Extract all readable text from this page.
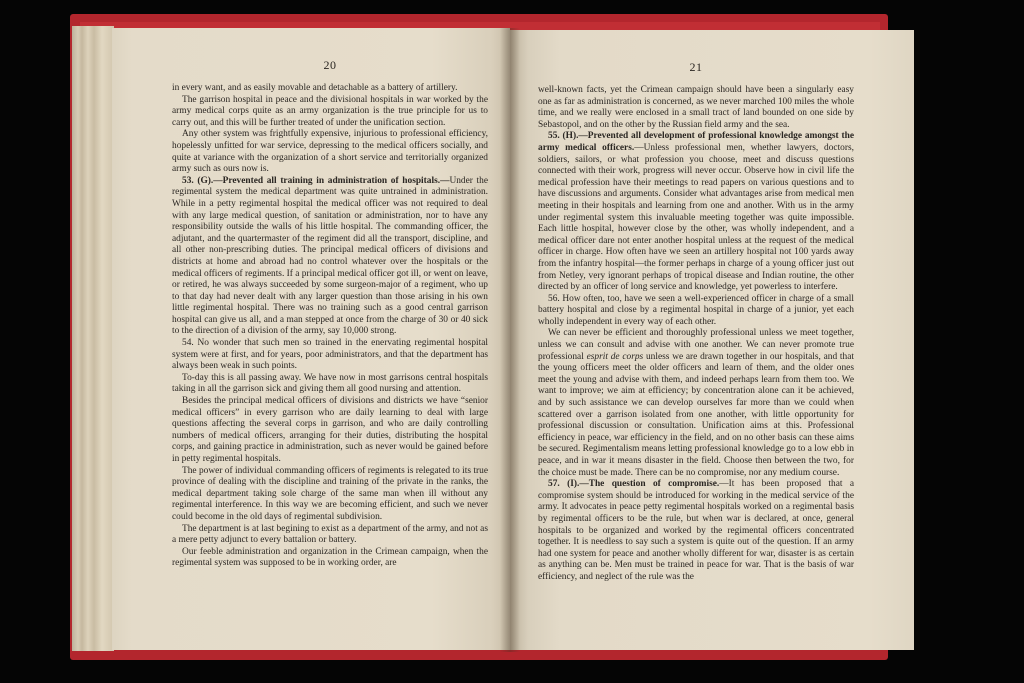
20

in every want, and as easily movable and detachable as a battery of artillery.

The garrison hospital in peace and the divisional hospitals in war worked by the army medical corps quite as an army organization is the true principle for us to carry out, and this will be further treated of under the unification section.

Any other system was frightfully expensive, injurious to professional efficiency, hopelessly unfitted for war service, depressing to the medical officers socially, and quite at variance with the organization of a short service and territorially organized army such as ours now is.

53. (G).—Prevented all training in administration of hospitals.—Under the regimental system the medical department was quite untrained in administration. While in a petty regimental hospital the medical officer was not required to deal with any large medical question, of sanitation or administration, nor to have any responsibility outside the walls of his little hospital. The commanding officer, the adjutant, and the quartermaster of the regiment did all the transport, discipline, and all other non-prescribing duties. The principal medical officers of divisions and districts at home and abroad had no control whatever over the hospitals or the medical officers of regiments. If a principal medical officer got ill, or went on leave, or retired, he was always succeeded by some surgeon-major of a regiment, who up to that day had never dealt with any larger question than those arising in his own little regimental hospital. There was no training such as a good central garrison hospital can give us all, and a man stepped at once from the charge of 30 or 40 sick to the direction of a division of the army, say 10,000 strong.

54. No wonder that such men so trained in the enervating regimental hospital system were at first, and for years, poor administrators, and that the department has always been weak in such points.

To-day this is all passing away. We have now in most garrisons central hospitals taking in all the garrison sick and giving them all good nursing and attention.

Besides the principal medical officers of divisions and districts we have “senior medical officers” in every garrison who are daily learning to deal with large questions affecting the several corps in garrison, and who are daily controlling numbers of medical officers, arranging for their duties, distributing the hospital corps, and gaining practice in administration, such as never would be gained before in petty regimental hospitals.

The power of individual commanding officers of regiments is relegated to its true province of dealing with the discipline and training of the private in the ranks, the medical department taking sole charge of the same man when ill without any regimental interference. In this way we are becoming efficient, and such we never could become in the old days of regimental subdivision.

The department is at last begining to exist as a department of the army, and not as a mere petty adjunct to every battalion or battery.

Our feeble administration and organization in the Crimean campaign, when the regimental system was supposed to be in working order, are

21

well-known facts, yet the Crimean campaign should have been a singularly easy one as far as administration is concerned, as we never marched 100 miles the whole time, and we really were enclosed in a small tract of land bounded on one side by Sebastopol, and on the other by the Russian field army and the sea.

55. (H).—Prevented all development of professional knowledge amongst the army medical officers.—Unless professional men, whether lawyers, doctors, soldiers, sailors, or what profession you choose, meet and discuss questions connected with their work, progress will never occur. Observe how in civil life the medical profession have their meetings to read papers on various questions and to have discussions and arguments. Consider what advantages arise from medical men meeting in their hospitals and learning from one and another. With us in the army under regimental system this invaluable meeting together was quite impossible. Each little hospital, however close by the other, was wholly independent, and a medical officer dare not enter another hospital unless at the request of the medical officer in charge. How often have we seen an artillery hospital not 100 yards away from the infantry hospital—the former perhaps in charge of a young officer just out from Netley, very ignorant perhaps of tropical disease and Indian routine, the other directed by an officer of long service and knowledge, yet powerless to interfere.

56. How often, too, have we seen a well-experienced officer in charge of a small battery hospital and close by a regimental hospital in charge of a junior, yet each wholly independent in every way of each other.

We can never be efficient and thoroughly professional unless we meet together, unless we can consult and advise with one another. We can never promote true professional esprit de corps unless we are drawn together in our hospitals, and that the young officers meet the older officers and learn of them, and the older ones meet the young and advise with them, and indeed perhaps learn from them too. We want to improve; we aim at efficiency; by concentration alone can it be achieved, and by such assistance we can develop ourselves far more than we could when scattered over a garrison isolated from one another, with little opportunity for professional discussion or consultation. Unification aims at this. Professional efficiency in peace, war efficiency in the field, and on no other basis can these aims be secured. Regimentalism means letting professional knowledge go to a low ebb in peace, and in war it means disaster in the field. Choose then between the two, for the choice must be made. There can be no compromise, nor any medium course.

57. (I).—The question of compromise.—It has been proposed that a compromise system should be introduced for working in the medical service of the army. It advocates in peace petty regimental hospitals worked on a regimental basis by regimental officers to be the rule, but when war is declared, at once, general hospitals to be organized and worked by the regimental officers concentrated together. It is needless to say such a system is quite out of the question. If an army had one system for peace and another wholly different for war, disaster is as certain as anything can be. Men must be trained in peace for war. That is the basis of war efficiency, and neglect of the rule was the
